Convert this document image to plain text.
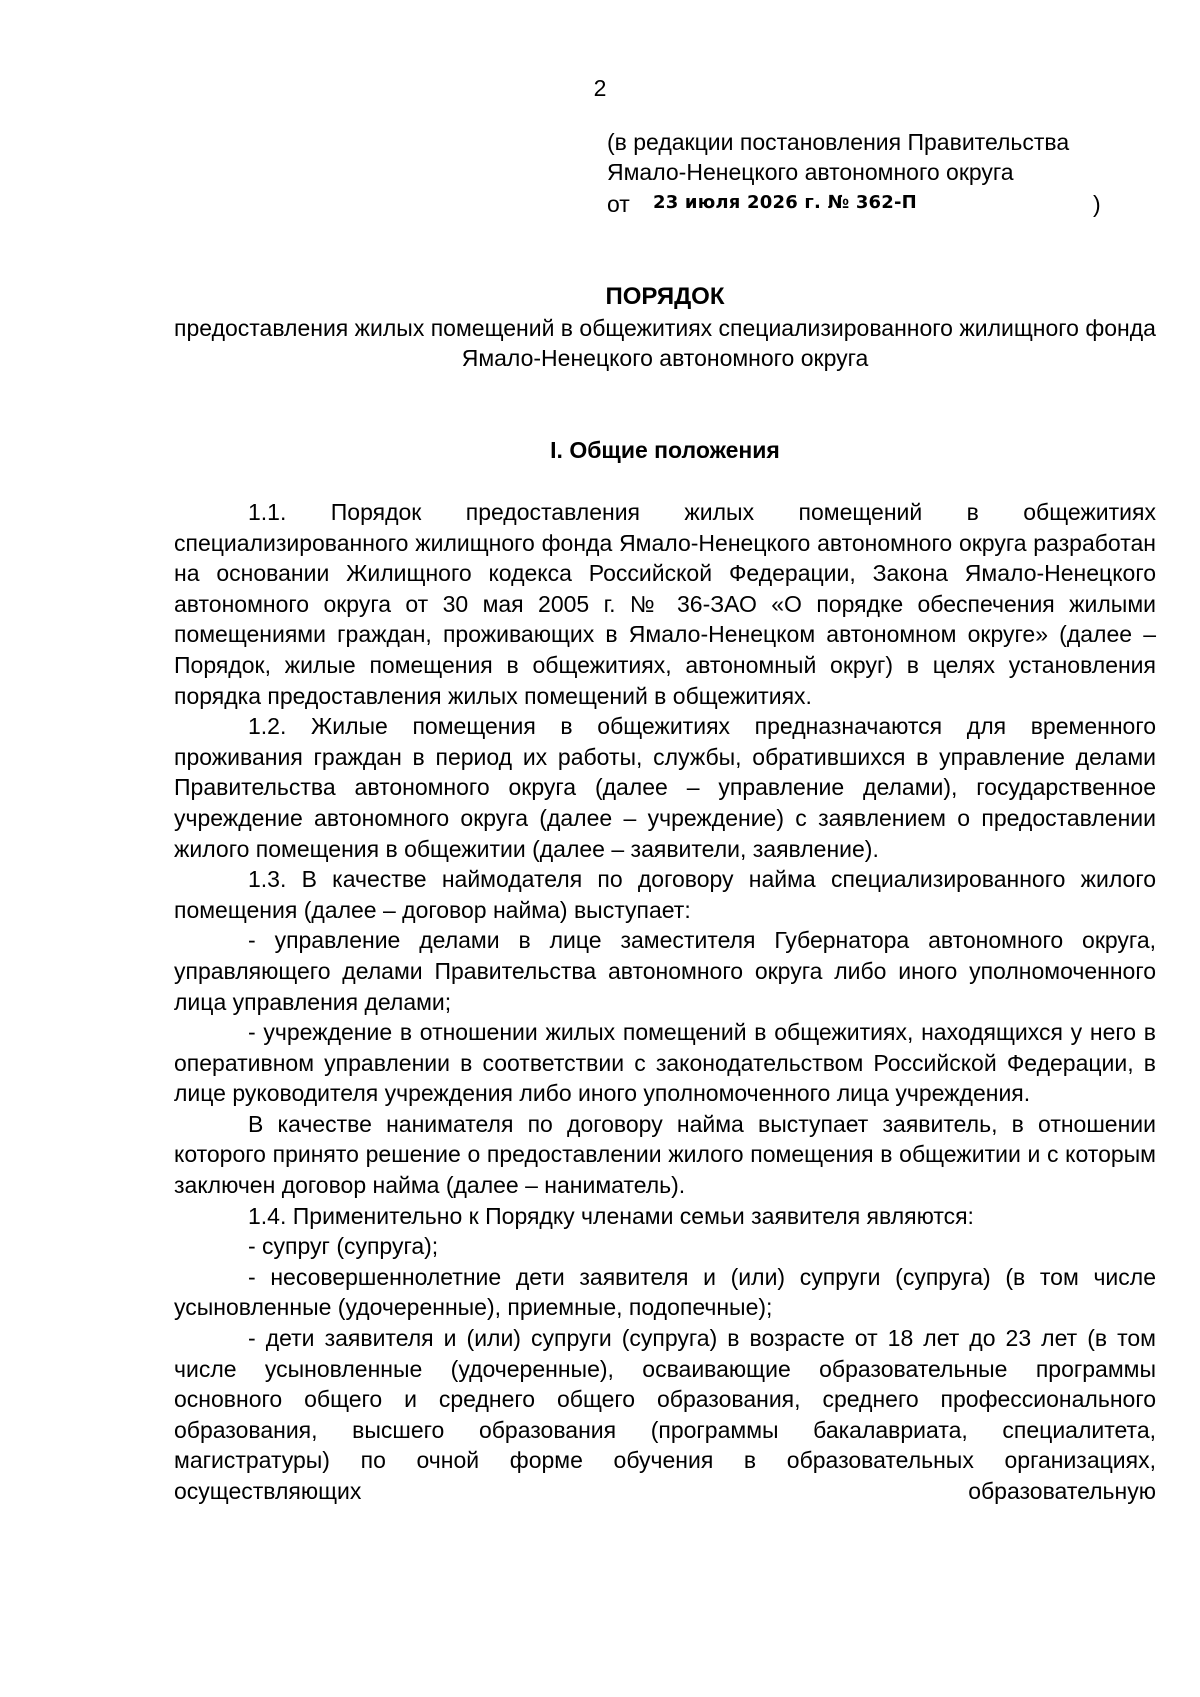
2
(в редакции постановления Правительства
Ямало-Ненецкого автономного округа
от 23 июля 2026 г. № 362-П	)
ПОРЯДОК
предоставления жилых помещений в общежитиях специализированного жилищного фонда Ямало-Ненецкого автономного округа
I. Общие положения

1.1. Порядок предоставления жилых помещений в общежитиях специализированного жилищного фонда Ямало-Ненецкого автономного округа разработан на основании Жилищного кодекса Российской Федерации, Закона Ямало-Ненецкого автономного округа от 30 мая 2005 г. № 36-ЗАО «О порядке обеспечения жилыми помещениями граждан, проживающих в Ямало-Ненецком автономном округе» (далее – Порядок, жилые помещения в общежитиях, автономный округ) в целях установления порядка предоставления жилых помещений в общежитиях.

1.2. Жилые помещения в общежитиях предназначаются для временного проживания граждан в период их работы, службы, обратившихся в управление делами Правительства автономного округа (далее – управление делами), государственное учреждение автономного округа (далее – учреждение) с заявлением о предоставлении жилого помещения в общежитии (далее – заявители, заявление).

1.3. В качестве наймодателя по договору найма специализированного жилого помещения (далее – договор найма) выступает:

- управление делами в лице заместителя Губернатора автономного округа, управляющего делами Правительства автономного округа либо иного уполномоченного лица управления делами;

- учреждение в отношении жилых помещений в общежитиях, находящихся у него в оперативном управлении в соответствии с законодательством Российской Федерации, в лице руководителя учреждения либо иного уполномоченного лица учреждения.

В качестве нанимателя по договору найма выступает заявитель, в отношении которого принято решение о предоставлении жилого помещения в общежитии и с которым заключен договор найма (далее – наниматель).

1.4. Применительно к Порядку членами семьи заявителя являются:

- супруг (супруга);

- несовершеннолетние дети заявителя и (или) супруги (супруга) (в том числе усыновленные (удочеренные), приемные, подопечные);

- дети заявителя и (или) супруги (супруга) в возрасте от 18 лет до 23 лет (в том числе усыновленные (удочеренные), осваивающие образовательные программы основного общего и среднего общего образования, среднего профессионального образования, высшего образования (программы бакалавриата, специалитета, магистратуры) по очной форме обучения в образовательных организациях, осуществляющих образовательную
